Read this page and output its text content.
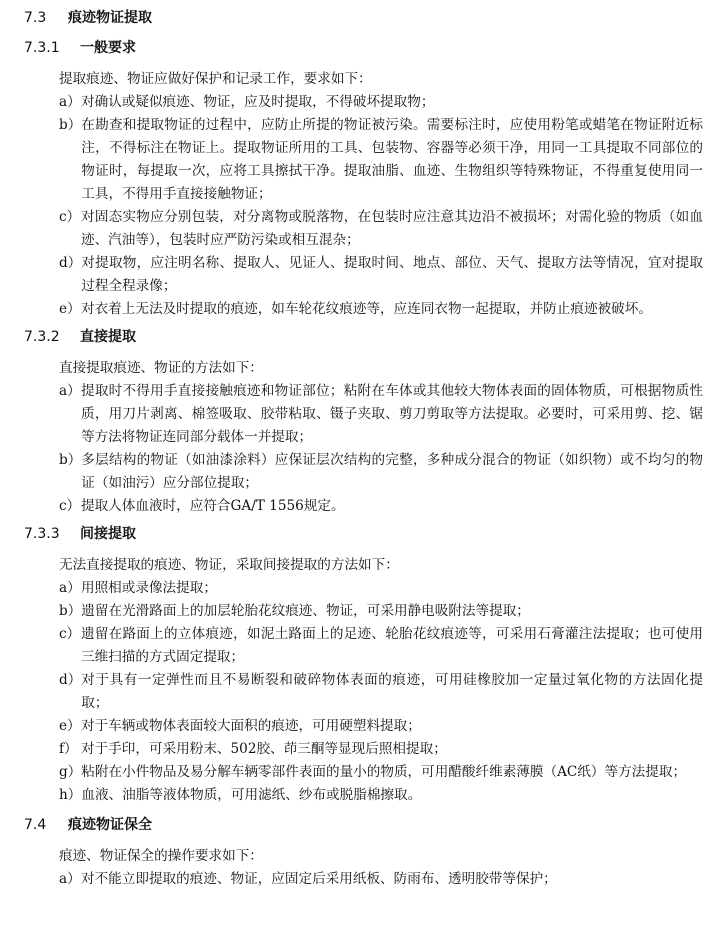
7.3	痕迹物证提取
7.3.1	一般要求
提取痕迹、物证应做好保护和记录工作，要求如下：
a） 对确认或疑似痕迹、物证，应及时提取，不得破坏提取物；
b） 在勘查和提取物证的过程中，应防止所提的物证被污染。需要标注时，应使用粉笔或蜡笔在物证附近标注，不得标注在物证上。提取物证所用的工具、包装物、容器等必须干净，用同一工具提取不同部位的物证时，每提取一次，应将工具擦拭干净。提取油脂、血迹、生物组织等特殊物证，不得重复使用同一工具，不得用手直接接触物证；
c） 对固态实物应分别包装，对分离物或脱落物，在包装时应注意其边沿不被损坏；对需化验的物质（如血迹、汽油等），包装时应严防污染或相互混杂；
d） 对提取物，应注明名称、提取人、见证人、提取时间、地点、部位、天气、提取方法等情况，宜对提取过程全程录像；
e） 对衣着上无法及时提取的痕迹，如车轮花纹痕迹等，应连同衣物一起提取，并防止痕迹被破坏。
7.3.2	直接提取
直接提取痕迹、物证的方法如下：
a） 提取时不得用手直接接触痕迹和物证部位；粘附在车体或其他较大物体表面的固体物质，可根据物质性质，用刀片剥离、棉签吸取、胶带粘取、镊子夹取、剪刀剪取等方法提取。必要时，可采用剪、挖、锯等方法将物证连同部分载体一并提取；
b） 多层结构的物证（如油漆涂料）应保证层次结构的完整，多种成分混合的物证（如织物）或不均匀的物证（如油污）应分部位提取；
c） 提取人体血液时，应符合GA/T 1556规定。
7.3.3	间接提取
无法直接提取的痕迹、物证，采取间接提取的方法如下：
a） 用照相或录像法提取；
b） 遗留在光滑路面上的加层轮胎花纹痕迹、物证，可采用静电吸附法等提取；
c） 遗留在路面上的立体痕迹，如泥土路面上的足迹、轮胎花纹痕迹等，可采用石膏灌注法提取；也可使用三维扫描的方式固定提取；
d） 对于具有一定弹性而且不易断裂和破碎物体表面的痕迹，可用硅橡胶加一定量过氧化物的方法固化提取；
e） 对于车辆或物体表面较大面积的痕迹，可用硬塑料提取；
f） 对于手印，可采用粉末、502胶、茚三酮等显现后照相提取；
g） 粘附在小件物品及易分解车辆零部件表面的量小的物质，可用醋酸纤维素薄膜（AC纸）等方法提取；
h） 血液、油脂等液体物质，可用滤纸、纱布或脱脂棉擦取。
7.4	痕迹物证保全
痕迹、物证保全的操作要求如下：
a） 对不能立即提取的痕迹、物证，应固定后采用纸板、防雨布、透明胶带等保护；
